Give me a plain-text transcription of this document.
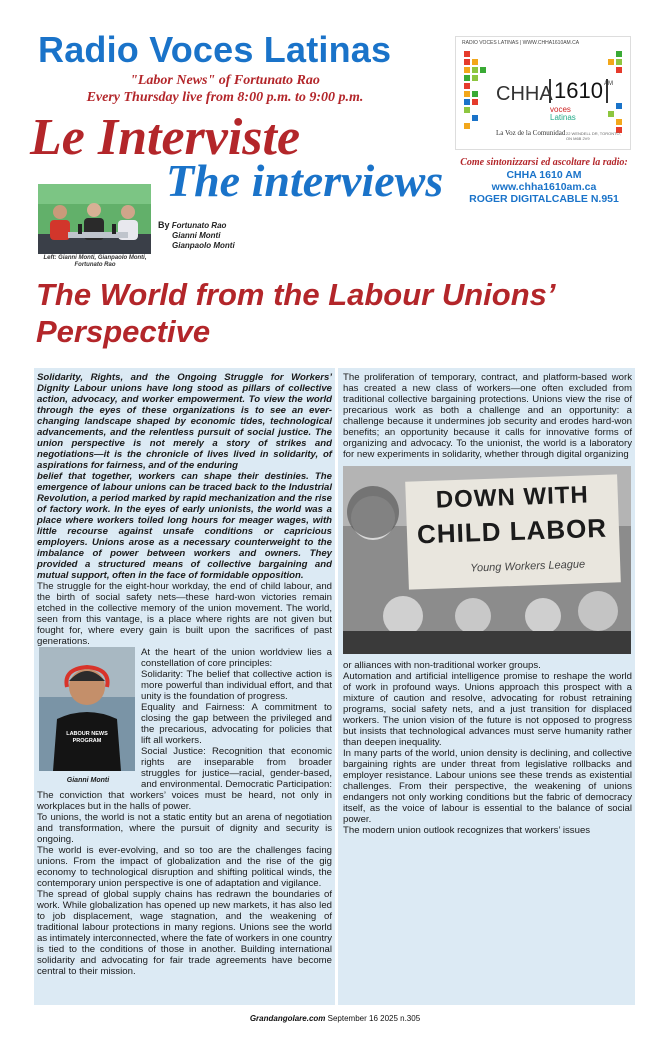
Radio Voces Latinas
"Labor News" of Fortunato Rao
Every Thursday live from 8:00 p.m. to 9:00 p.m.
Le Interviste
The interviews
RADIO VOCES LATINAS | WWW.CHHA1610AM.CA
CHHA 1610 AM
voces
Latinas
La Voz de la Comunidad 22 WENDELL DR, TORONTO, ON M6B 2V9
Come sintonizzarsi ed ascoltare la radio:
CHHA 1610 AM
www.chha1610am.ca
ROGER DIGITALCABLE N.951
Left: Gianni Monti, Gianpaolo Monti, Fortunato Rao
By Fortunato Rao
Gianni Monti
Gianpaolo Monti
The World from the Labour Unions’ Perspective

Solidarity, Rights, and the Ongoing Struggle for Workers’ Dignity Labour unions have long stood as pillars of collective action, advocacy, and worker empowerment. To view the world through the eyes of these organizations is to see an ever-changing landscape shaped by economic tides, technological advancements, and the relentless pursuit of social justice. The union perspective is not merely a story of strikes and negotiations—it is the chronicle of lives lived in solidarity, of aspirations for fairness, and of the enduring

belief that together, workers can shape their destinies. The emergence of labour unions can be traced back to the Industrial Revolution, a period marked by rapid mechanization and the rise of factory work. In the eyes of early unionists, the world was a place where workers toiled long hours for meager wages, with little recourse against unsafe conditions or capricious employers. Unions arose as a necessary counterweight to the imbalance of power between workers and owners. They provided a structured means of collective bargaining and mutual support, often in the face of formidable opposition.

The struggle for the eight-hour workday, the end of child labour, and the birth of social safety nets—these hard-won victories remain etched in the collective memory of the union movement. The world, seen from this vantage, is a place where rights are not given but fought for, where every gain is built upon the sacrifices of past generations.

LABOUR NEWS PROGRAM
Gianni Monti

At the heart of the union worldview lies a constellation of core principles:

Solidarity: The belief that collective action is more powerful than individual effort, and that unity is the foundation of progress.

Equality and Fairness: A commitment to closing the gap between the privileged and the precarious, advocating for policies that lift all workers.

Social Justice: Recognition that economic rights are inseparable from broader struggles for justice—racial, gender-based, and environmental. Democratic Participation: The conviction that workers’ voices must be heard, not only in workplaces but in the halls of power.

To unions, the world is not a static entity but an arena of negotiation and transformation, where the pursuit of dignity and security is ongoing.

The world is ever-evolving, and so too are the challenges facing unions. From the impact of globalization and the rise of the gig economy to technological disruption and shifting political winds, the contemporary union perspective is one of adaptation and vigilance.

The spread of global supply chains has redrawn the boundaries of work. While globalization has opened up new markets, it has also led to job displacement, wage stagnation, and the weakening of traditional labour protections in many regions. Unions see the world as intimately interconnected, where the fate of workers in one country is tied to the conditions of those in another. Building international solidarity and advocating for fair trade agreements have become central to their mission.

The proliferation of temporary, contract, and platform-based work has created a new class of workers—one often excluded from traditional collective bargaining protections. Unions view the rise of precarious work as both a challenge and an opportunity: a challenge because it undermines job security and erodes hard-won benefits; an opportunity because it calls for innovative forms of organizing and advocacy. To the unionist, the world is a laboratory for new experiments in solidarity, whether through digital organizing

DOWN WITH
CHILD LABOR
Young Workers League

or alliances with non-traditional worker groups.

Automation and artificial intelligence promise to reshape the world of work in profound ways. Unions approach this prospect with a mixture of caution and resolve, advocating for robust retraining programs, social safety nets, and a just transition for displaced workers. The union vision of the future is not opposed to progress but insists that technological advances must serve humanity rather than deepen inequality.

In many parts of the world, union density is declining, and collective bargaining rights are under threat from legislative rollbacks and employer resistance. Labour unions see these trends as existential challenges. From their perspective, the weakening of unions endangers not only working conditions but the fabric of democracy itself, as the voice of labour is essential to the balance of social power.

The modern union outlook recognizes that workers’ issues

Grandangolare.com September 16 2025 n.305
